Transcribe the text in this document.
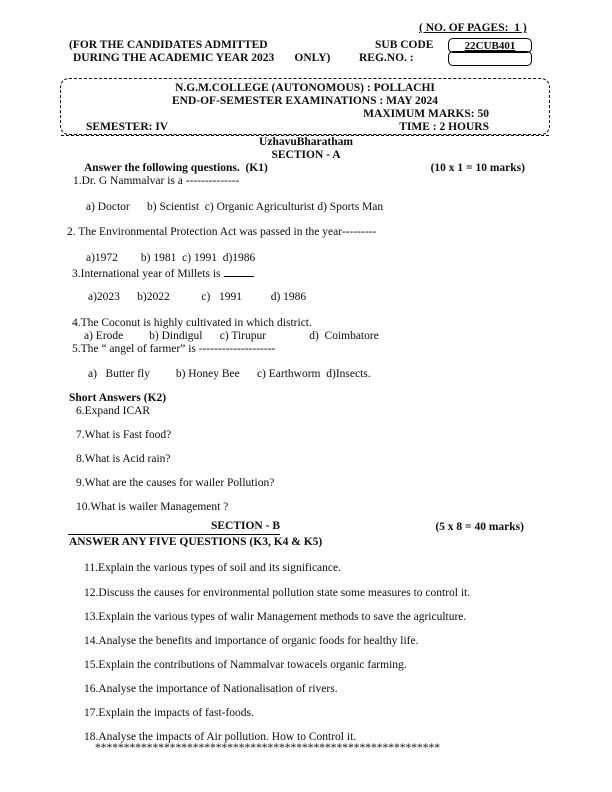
( NO. OF PAGES:  1 )
(FOR THE CANDIDATES ADMITTED	SUB CODE	22CUB401
DURING THE ACADEMIC YEAR 2023       ONLY) REG.NO. :
N.G.M.COLLEGE (AUTONOMOUS) : POLLACHI
END-OF-SEMESTER EXAMINATIONS : MAY 2024
MAXIMUM MARKS: 50
SEMESTER: IV	TIME : 2 HOURS
UzhavuBharatham
SECTION - A
Answer the following questions.  (K1)	(10 x 1 = 10 marks)
1.Dr. G Nammalvar is a --------------
a) Doctor      b) Scientist  c) Organic Agriculturist d) Sports Man
2. The Environmental Protection Act was passed in the year---------
a)1972        b) 1981  c) 1991  d)1986
3.International year of Millets is
a)2023      b)2022           c)   1991          d) 1986
4.The Coconut is highly cultivated in which district.
a) Erode         b) Dindigul      c) Tirupur               d)  Coimbatore
5.The “ angel of farmer” is --------------------
a)   Butter fly         b) Honey Bee      c) Earthworm  d)Insects.
Short Answers (K2)
6.Expand ICAR
7.What is Fast food?
8.What is Acid rain?
9.What are the causes for wailer Pollution?
10.What is wailer Management ?
SECTION - B	(5 x 8 = 40 marks)
ANSWER ANY FIVE QUESTIONS (K3, K4 & K5)
11.Explain the various types of soil and its significance.
12.Discuss the causes for environmental pollution state some measures to control it.
13.Explain the various types of walir Management methods to save the agriculture.
14.Analyse the benefits and importance of organic foods for healthy life.
15.Explain the contributions of Nammalvar towacels organic farming.
16.Analyse the importance of Nationalisation of rivers.
17.Explain the impacts of fast-foods.
18.Analyse the impacts of Air pollution. How to Control it.
************************************************************
